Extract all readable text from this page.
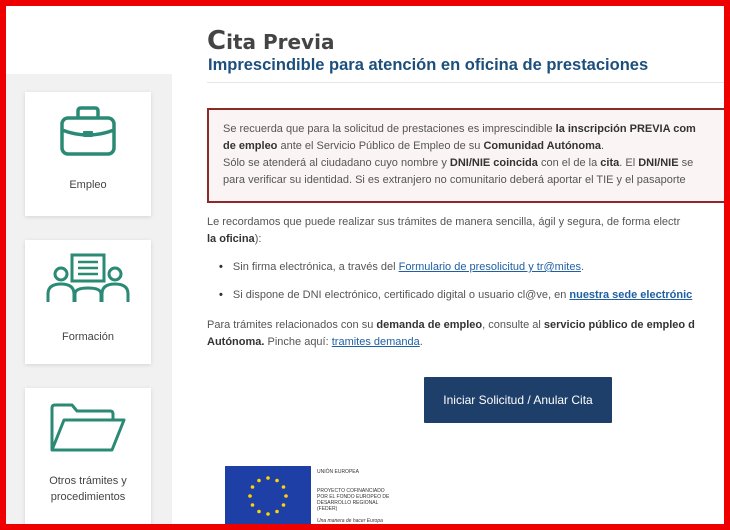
Empleo
Formación
Otros trámites y
procedimientos
Cita Previa
Imprescindible para atención en oficina de prestaciones
Se recuerda que para la solicitud de prestaciones es imprescindible la inscripción PREVIA com
de empleo ante el Servicio Público de Empleo de su Comunidad Autónoma.
Sólo se atenderá al ciudadano cuyo nombre y DNI/NIE coincida con el de la cita. El DNI/NIE se
para verificar su identidad. Si es extranjero no comunitario deberá aportar el TIE y el pasaporte
Le recordamos que puede realizar sus trámites de manera sencilla, ágil y segura, de forma electr
la oficina):
• Sin firma electrónica, a través del Formulario de presolicitud y tr@mites.
• Si dispone de DNI electrónico, certificado digital o usuario cl@ve, en nuestra sede electrónic
Para trámites relacionados con su demanda de empleo, consulte al servicio público de empleo d
Autónoma. Pinche aquí: tramites demanda.
Iniciar Solicitud / Anular Cita
UNIÓN EUROPEA
PROYECTO COFINANCIADO
POR EL FONDO EUROPEO DE
DESARROLLO REGIONAL
(FEDER)
Una manera de hacer Europa
